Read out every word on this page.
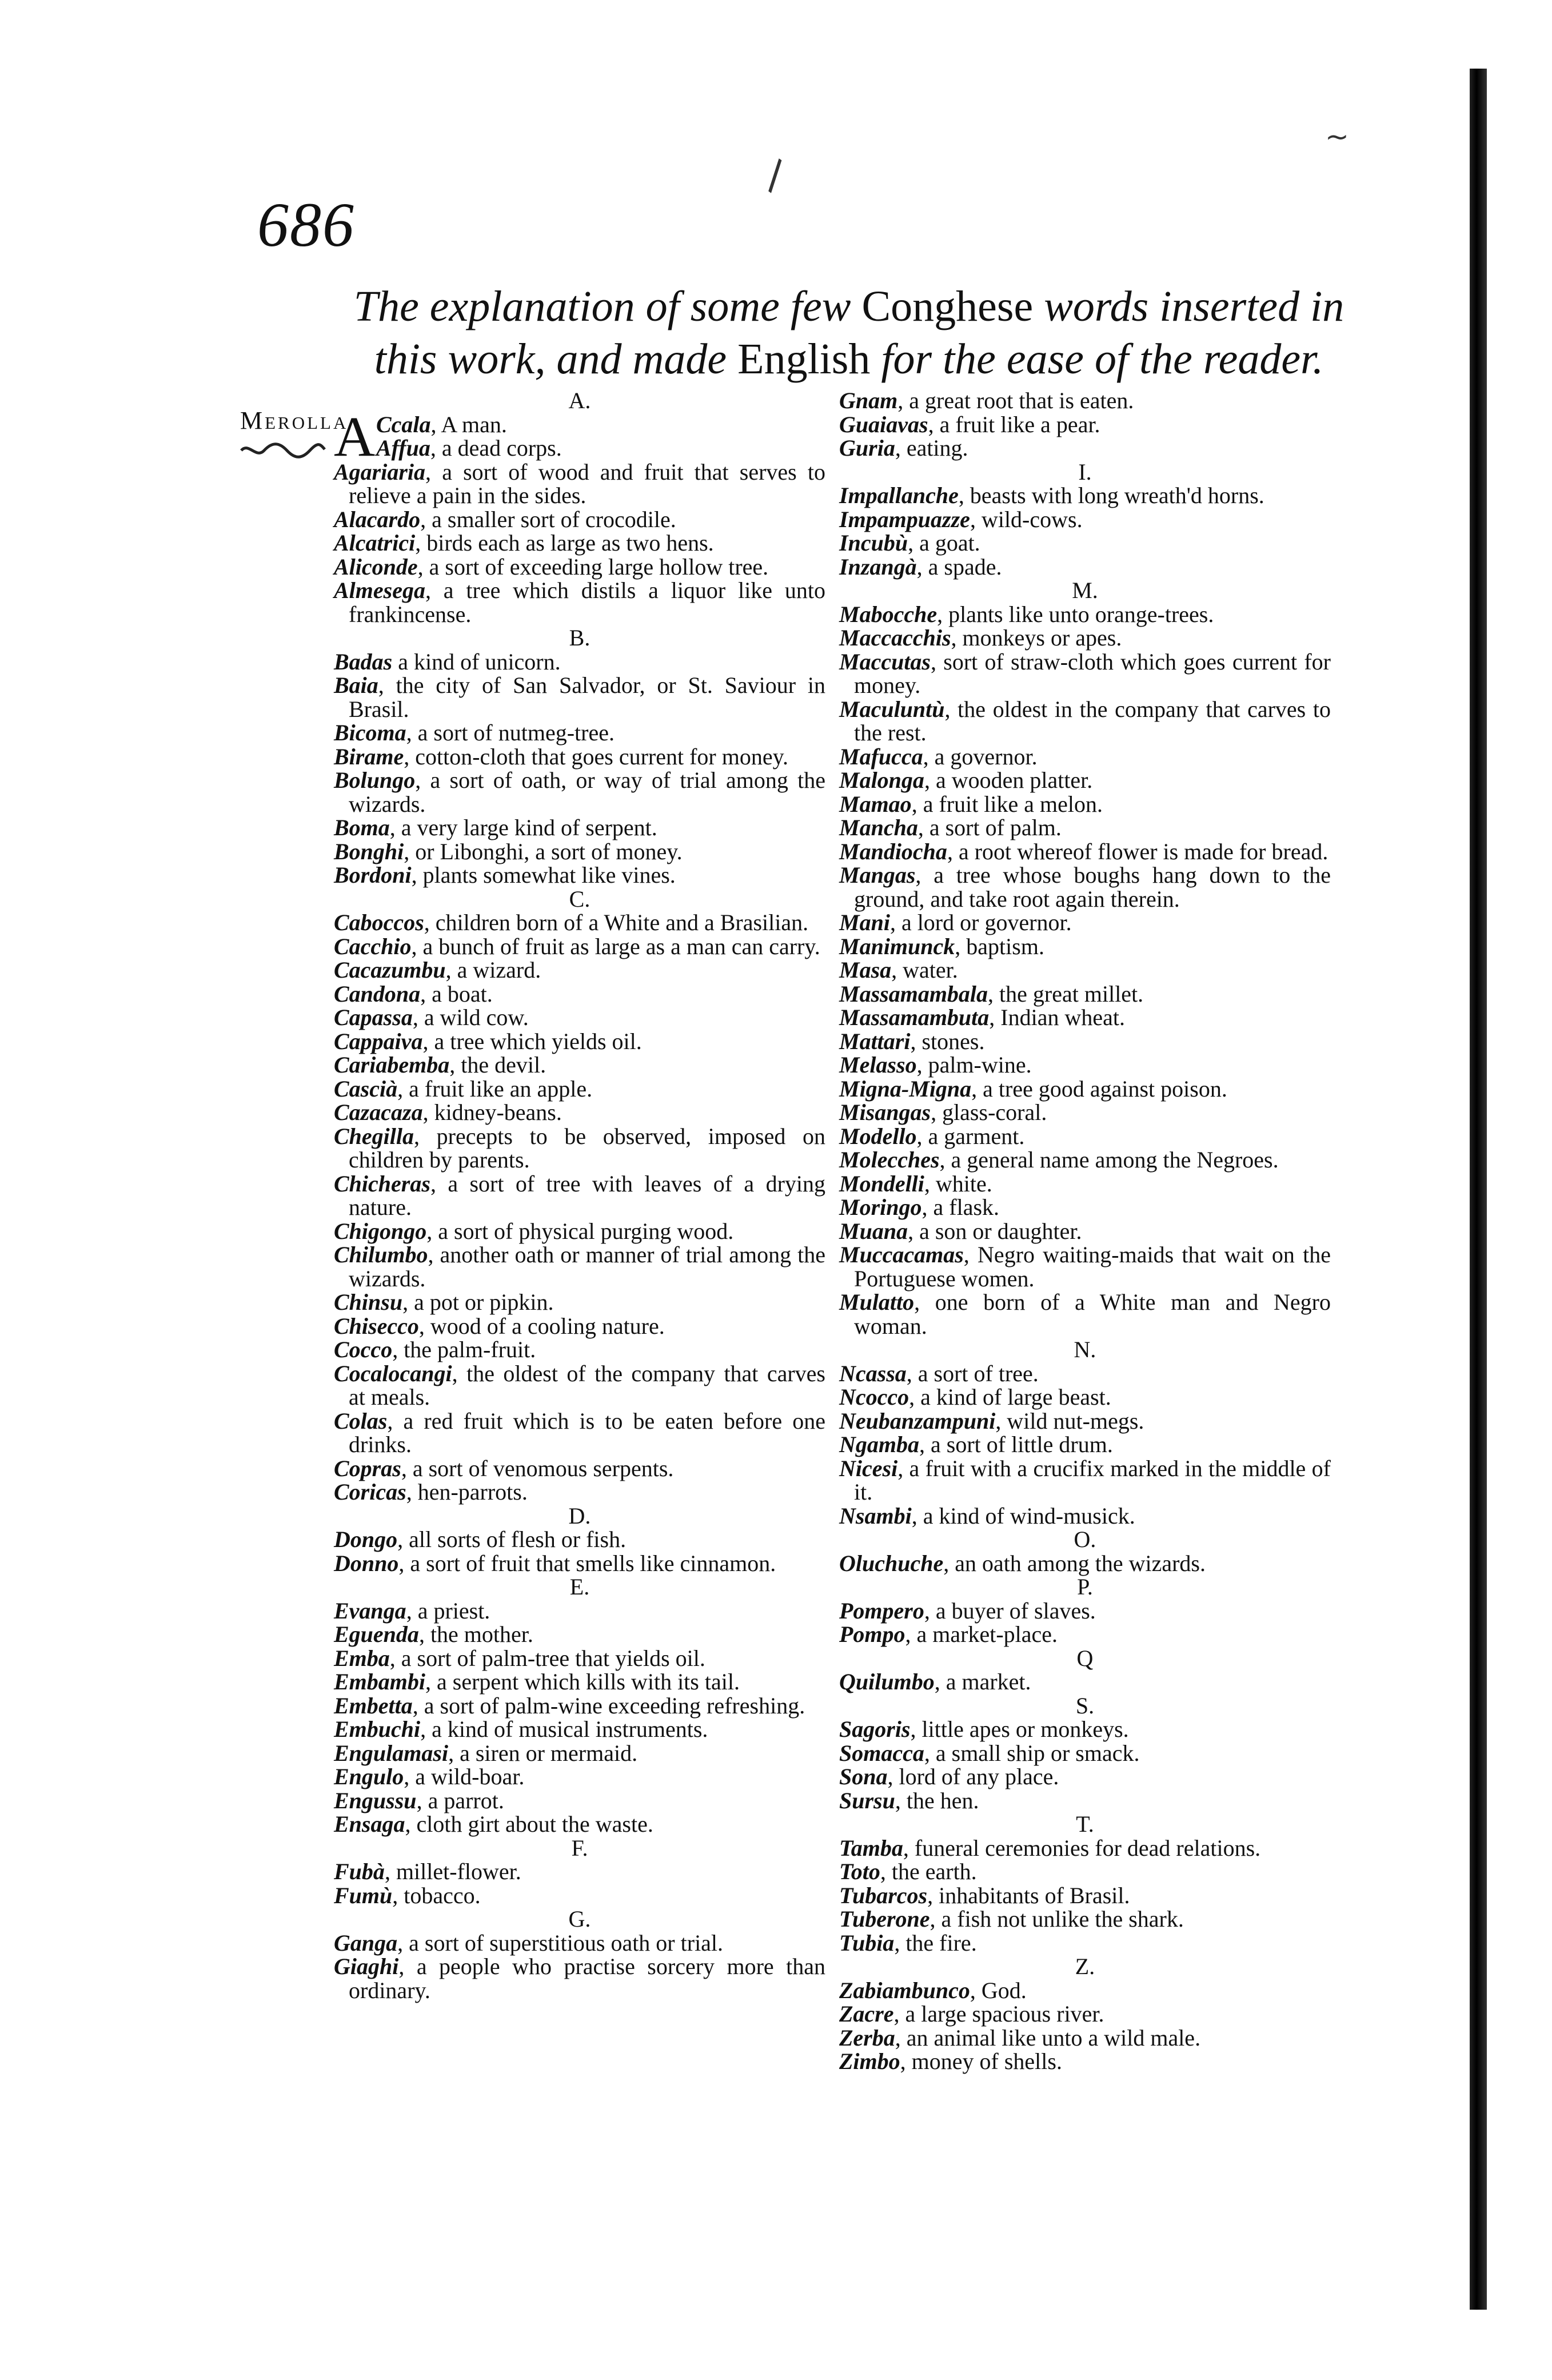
\
~
686
The explanation of some few Conghese words inserted in this work, and made English for the ease of the reader.
Merolla
A.
A Ccala, A man.
Affua, a dead corps.
Agariaria, a sort of wood and fruit that serves to relieve a pain in the sides.
Alacardo, a smaller sort of crocodile.
Alcatrici, birds each as large as two hens.
Aliconde, a sort of exceeding large hollow tree.
Almesega, a tree which distils a liquor like unto frankincense.
B.
Badas a kind of unicorn.
Baia, the city of San Salvador, or St. Saviour in Brasil.
Bicoma, a sort of nutmeg-tree.
Birame, cotton-cloth that goes current for money.
Bolungo, a sort of oath, or way of trial among the wizards.
Boma, a very large kind of serpent.
Bonghi, or Libonghi, a sort of money.
Bordoni, plants somewhat like vines.
C.
Caboccos, children born of a White and a Brasilian.
Cacchio, a bunch of fruit as large as a man can carry.
Cacazumbu, a wizard.
Candona, a boat.
Capassa, a wild cow.
Cappaiva, a tree which yields oil.
Cariabemba, the devil.
Cascià, a fruit like an apple.
Cazacaza, kidney-beans.
Chegilla, precepts to be observed, imposed on children by parents.
Chicheras, a sort of tree with leaves of a drying nature.
Chigongo, a sort of physical purging wood.
Chilumbo, another oath or manner of trial among the wizards.
Chinsu, a pot or pipkin.
Chisecco, wood of a cooling nature.
Cocco, the palm-fruit.
Cocalocangi, the oldest of the company that carves at meals.
Colas, a red fruit which is to be eaten before one drinks.
Copras, a sort of venomous serpents.
Coricas, hen-parrots.
D.
Dongo, all sorts of flesh or fish.
Donno, a sort of fruit that smells like cinnamon.
E.
Evanga, a priest.
Eguenda, the mother.
Emba, a sort of palm-tree that yields oil.
Embambi, a serpent which kills with its tail.
Embetta, a sort of palm-wine exceeding refreshing.
Embuchi, a kind of musical instruments.
Engulamasi, a siren or mermaid.
Engulo, a wild-boar.
Engussu, a parrot.
Ensaga, cloth girt about the waste.
F.
Fubà, millet-flower.
Fumù, tobacco.
G.
Ganga, a sort of superstitious oath or trial.
Giaghi, a people who practise sorcery more than ordinary.
Gnam, a great root that is eaten.
Guaiavas, a fruit like a pear.
Guria, eating.
I.
Impallanche, beasts with long wreath'd horns.
Impampuazze, wild-cows.
Incubù, a goat.
Inzangà, a spade.
M.
Mabocche, plants like unto orange-trees.
Maccacchis, monkeys or apes.
Maccutas, sort of straw-cloth which goes current for money.
Maculuntù, the oldest in the company that carves to the rest.
Mafucca, a governor.
Malonga, a wooden platter.
Mamao, a fruit like a melon.
Mancha, a sort of palm.
Mandiocha, a root whereof flower is made for bread.
Mangas, a tree whose boughs hang down to the ground, and take root again therein.
Mani, a lord or governor.
Manimunck, baptism.
Masa, water.
Massamambala, the great millet.
Massamambuta, Indian wheat.
Mattari, stones.
Melasso, palm-wine.
Migna-Migna, a tree good against poison.
Misangas, glass-coral.
Modello, a garment.
Molecches, a general name among the Negroes.
Mondelli, white.
Moringo, a flask.
Muana, a son or daughter.
Muccacamas, Negro waiting-maids that wait on the Portuguese women.
Mulatto, one born of a White man and Negro woman.
N.
Ncassa, a sort of tree.
Ncocco, a kind of large beast.
Neubanzampuni, wild nut-megs.
Ngamba, a sort of little drum.
Nicesi, a fruit with a crucifix marked in the middle of it.
Nsambi, a kind of wind-musick.
O.
Oluchuche, an oath among the wizards.
P.
Pompero, a buyer of slaves.
Pompo, a market-place.
Q
Quilumbo, a market.
S.
Sagoris, little apes or monkeys.
Somacca, a small ship or smack.
Sona, lord of any place.
Sursu, the hen.
T.
Tamba, funeral ceremonies for dead relations.
Toto, the earth.
Tubarcos, inhabitants of Brasil.
Tuberone, a fish not unlike the shark.
Tubia, the fire.
Z.
Zabiambunco, God.
Zacre, a large spacious river.
Zerba, an animal like unto a wild male.
Zimbo, money of shells.
